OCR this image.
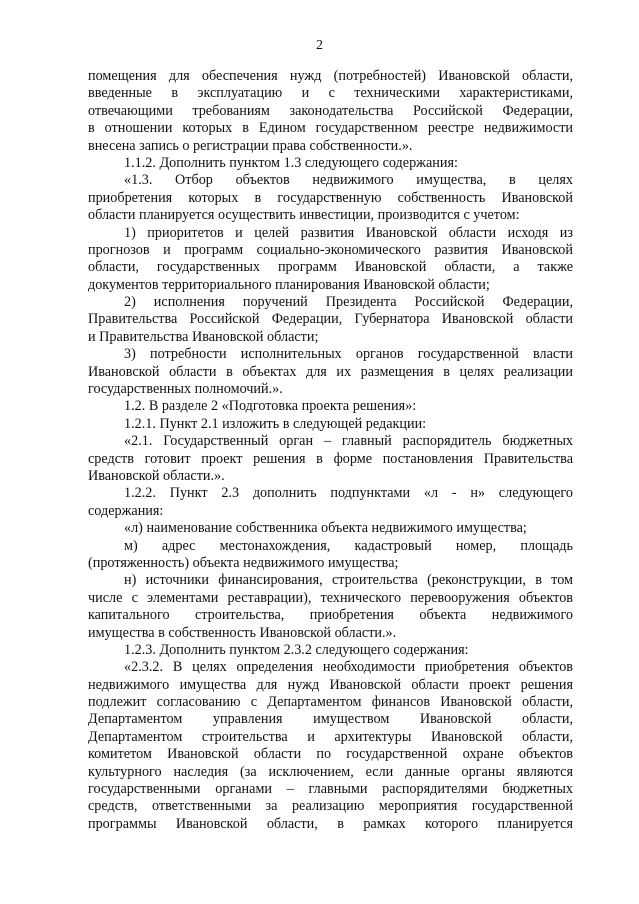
2
помещения для обеспечения нужд (потребностей) Ивановской области,
введенные в эксплуатацию и с техническими характеристиками,
отвечающими требованиям законодательства Российской Федерации,
в отношении которых в Едином государственном реестре недвижимости
внесена запись о регистрации права собственности.».
1.1.2. Дополнить пунктом 1.3 следующего содержания:
«1.3. Отбор объектов недвижимого имущества, в целях
приобретения которых в государственную собственность Ивановской
области планируется осуществить инвестиции, производится с учетом:
1) приоритетов и целей развития Ивановской области исходя из
прогнозов и программ социально-экономического развития Ивановской
области, государственных программ Ивановской области, а также
документов территориального планирования Ивановской области;
2) исполнения поручений Президента Российской Федерации,
Правительства Российской Федерации, Губернатора Ивановской области
и Правительства Ивановской области;
3) потребности исполнительных органов государственной власти
Ивановской области в объектах для их размещения в целях реализации
государственных полномочий.».
1.2. В разделе 2 «Подготовка проекта решения»:
1.2.1. Пункт 2.1 изложить в следующей редакции:
«2.1. Государственный орган – главный распорядитель бюджетных
средств готовит проект решения в форме постановления Правительства
Ивановской области.».
1.2.2. Пункт 2.3 дополнить подпунктами «л - н» следующего
содержания:
«л) наименование собственника объекта недвижимого имущества;
м) адрес местонахождения, кадастровый номер, площадь
(протяженность) объекта недвижимого имущества;
н) источники финансирования, строительства (реконструкции, в том
числе с элементами реставрации), технического перевооружения объектов
капитального строительства, приобретения объекта недвижимого
имущества в собственность Ивановской области.».
1.2.3. Дополнить пунктом 2.3.2 следующего содержания:
«2.3.2. В целях определения необходимости приобретения объектов
недвижимого имущества для нужд Ивановской области проект решения
подлежит согласованию с Департаментом финансов Ивановской области,
Департаментом управления имуществом Ивановской области,
Департаментом строительства и архитектуры Ивановской области,
комитетом Ивановской области по государственной охране объектов
культурного наследия (за исключением, если данные органы являются
государственными органами – главными распорядителями бюджетных
средств, ответственными за реализацию мероприятия государственной
программы Ивановской области, в рамках которого планируется
